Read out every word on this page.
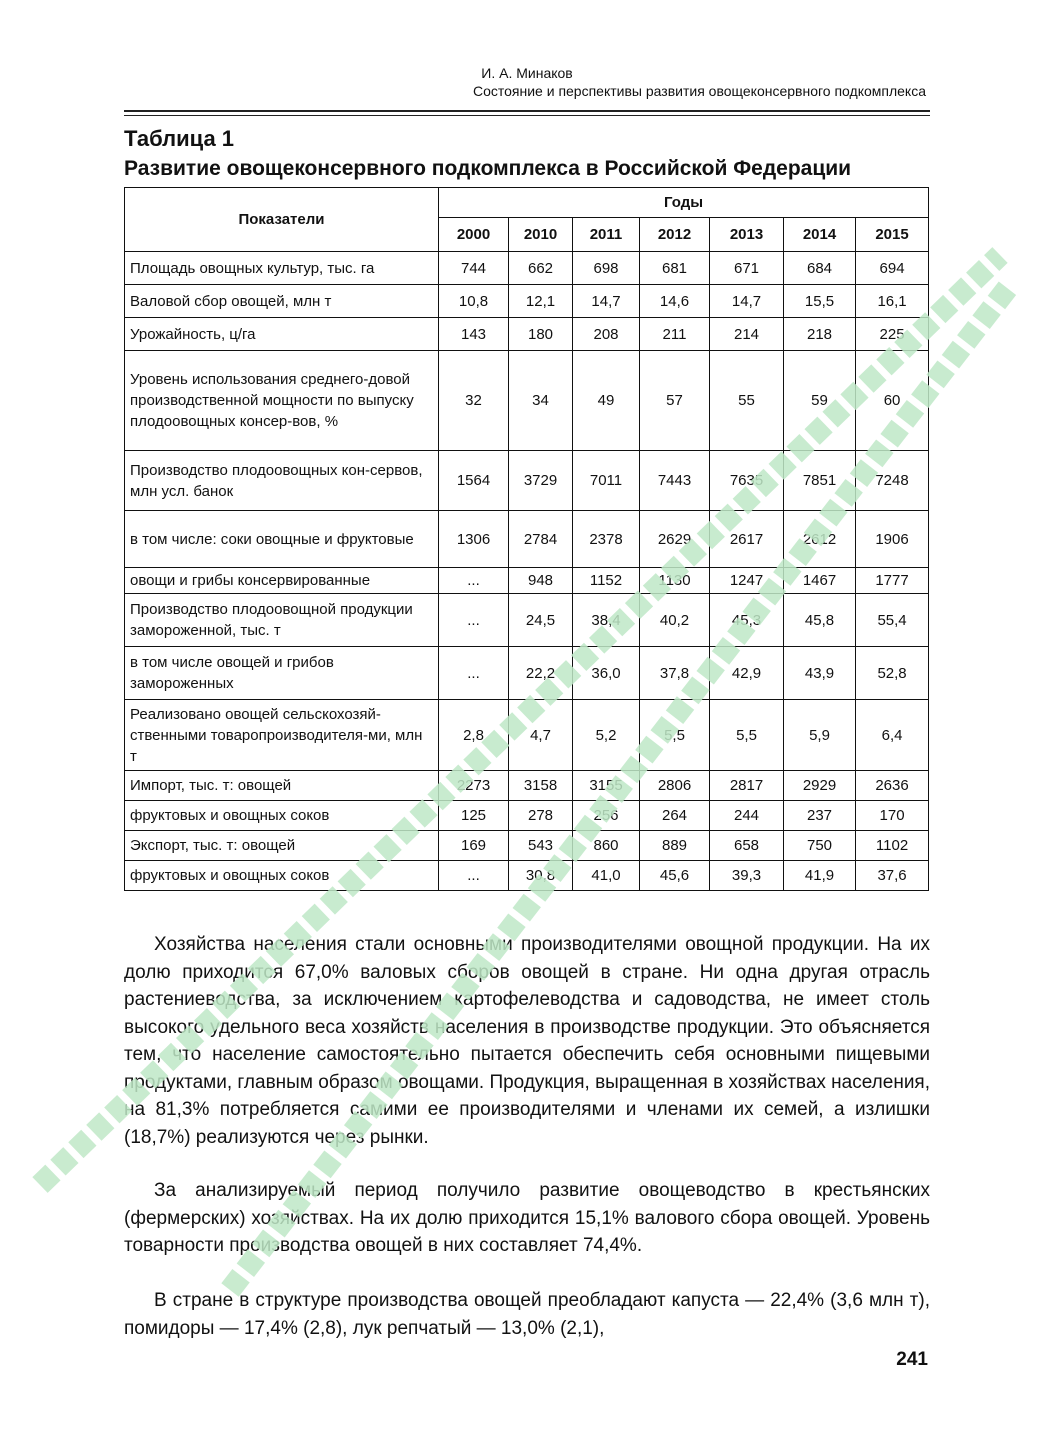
И. А. Минаков
Состояние и перспективы развития овощеконсервного подкомплекса
Таблица 1
Развитие овощеконсервного подкомплекса в Российской Федерации
Показатели	Годы						
	2000	2010	2011	2012	2013	2014	2015
Площадь овощных культур, тыс. га	744	662	698	681	671	684	694
Валовой сбор овощей, млн т	10,8	12,1	14,7	14,6	14,7	15,5	16,1
Урожайность, ц/га	143	180	208	211	214	218	225
Уровень использования среднего-довой производственной мощности по выпуску плодоовощных консер-вов, %	32	34	49	57	55	59	60
Производство плодоовощных кон-сервов, млн усл. банок	1564	3729	7011	7443	7635	7851	7248
в том числе: соки овощные и фруктовые	1306	2784	2378	2629	2617	2612	1906
овощи и грибы консервированные	...	948	1152	1130	1247	1467	1777
Производство плодоовощной продукции замороженной, тыс. т	...	24,5	38,4	40,2	45,3	45,8	55,4
в том числе овощей и грибов замороженных	...	22,2	36,0	37,8	42,9	43,9	52,8
Реализовано овощей сельскохозяй-ственными товаропроизводителя-ми, млн т	2,8	4,7	5,2	5,5	5,5	5,9	6,4
Импорт, тыс. т: овощей	2273	3158	3155	2806	2817	2929	2636
фруктовых и овощных соков	125	278	256	264	244	237	170
Экспорт, тыс. т: овощей	169	543	860	889	658	750	1102
фруктовых и овощных соков	...	30,8	41,0	45,6	39,3	41,9	37,6
Хозяйства населения стали основными производителями овощной продукции. На их долю приходится 67,0% валовых сборов овощей в стране. Ни одна другая отрасль растениеводства, за исключением картофелеводства и садоводства, не имеет столь высокого удельного веса хозяйств населения в производстве продукции. Это объясняется тем, что население самостоятельно пытается обеспечить себя основными пищевыми продуктами, главным образом овощами. Продукция, выращенная в хозяйствах населения, на 81,3% потребляется самими ее производителями и членами их семей, а излишки (18,7%) реализуются через рынки.
За анализируемый период получило развитие овощеводство в крестьянских (фермерских) хозяйствах. На их долю приходится 15,1% валового сбора овощей. Уровень товарности производства овощей в них составляет 74,4%.
В стране в структуре производства овощей преобладают капуста — 22,4% (3,6 млн т), помидоры — 17,4% (2,8), лук репчатый — 13,0% (2,1),
241
